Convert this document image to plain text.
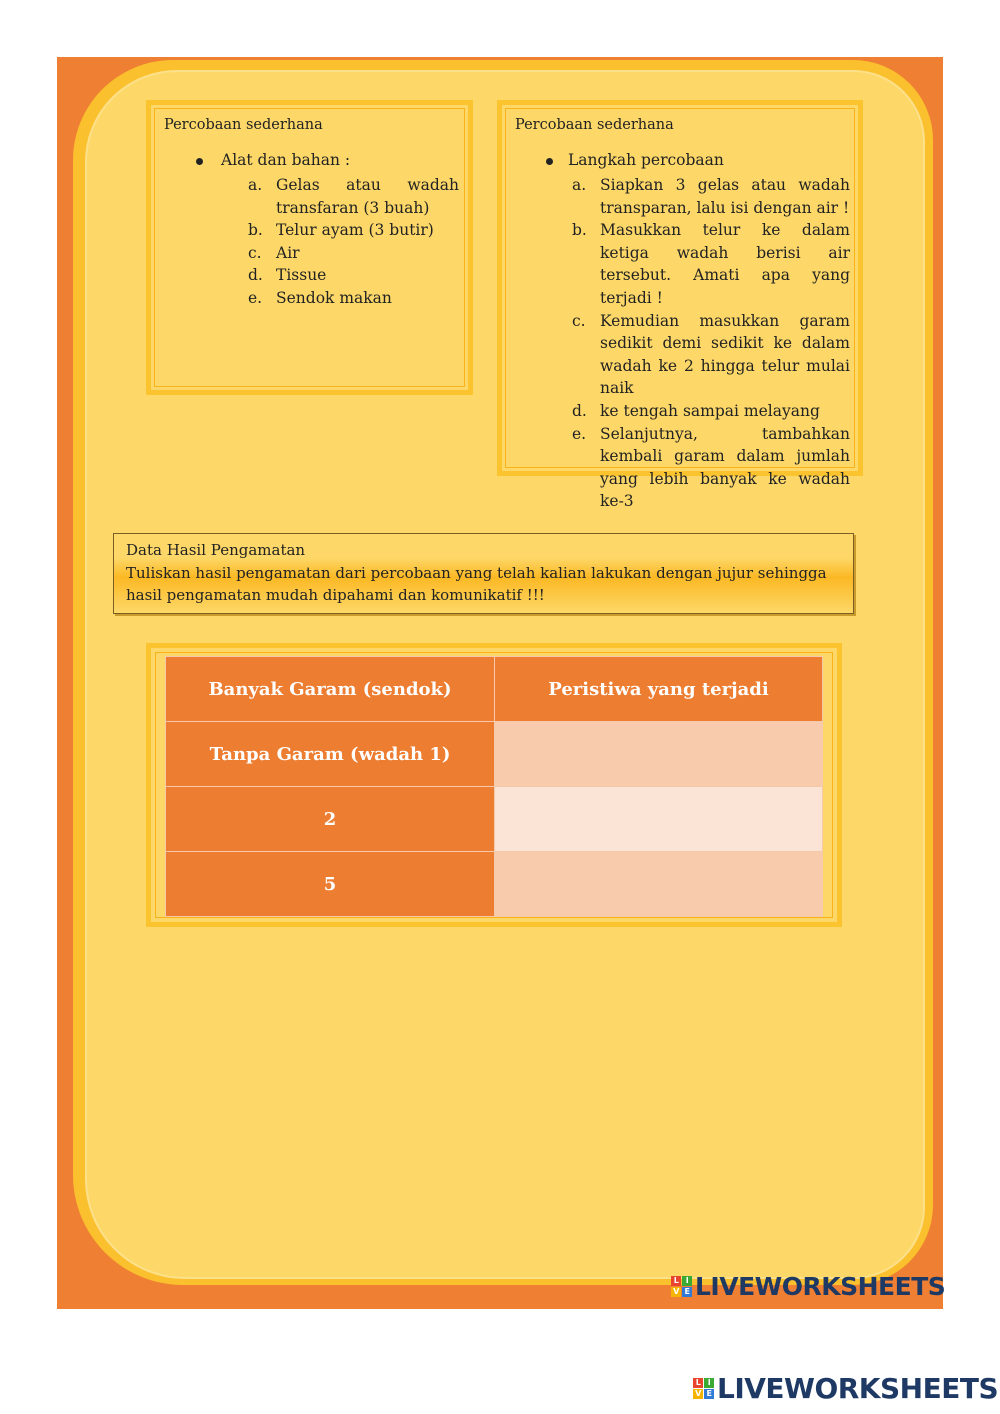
Percobaan sederhana
Alat dan bahan :
a. Gelas atau wadah transfaran (3 buah)
b. Telur ayam (3 butir)
c. Air
d. Tissue
e. Sendok makan
Percobaan sederhana
Langkah percobaan
a. Siapkan 3 gelas atau wadah transparan, lalu isi dengan air !
b. Masukkan telur ke dalam ketiga wadah berisi air tersebut. Amati apa yang terjadi !
c. Kemudian masukkan garam sedikit demi sedikit ke dalam wadah ke 2 hingga telur mulai naik
d. ke tengah sampai melayang
e. Selanjutnya, tambahkan kembali garam dalam jumlah yang lebih banyak ke wadah ke-3
Data Hasil Pengamatan
Tuliskan hasil pengamatan dari percobaan yang telah kalian lakukan dengan jujur sehingga
hasil pengamatan mudah dipahami dan komunikatif !!!
Banyak Garam (sendok)	Peristiwa yang terjadi
Tanpa Garam (wadah 1)	
2	
5	
L I
V E LIVEWORKSHEETS
L I
V E LIVEWORKSHEETS
